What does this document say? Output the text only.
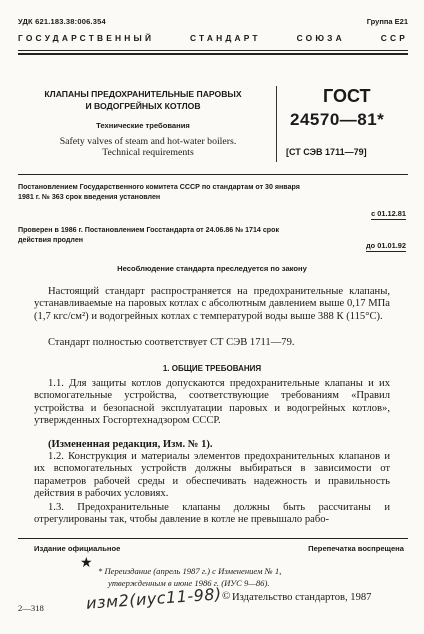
УДК 621.183.38:006.354	Группа Е21
ГОСУДАРСТВЕННЫЙ СТАНДАРТ СОЮЗА ССР
КЛАПАНЫ ПРЕДОХРАНИТЕЛЬНЫЕ ПАРОВЫХ
И ВОДОГРЕЙНЫХ КОТЛОВ
Технические требования
Safety valves of steam and hot-water boilers.
Technical requirements
ГОСТ
24570—81*
[СТ СЭВ 1711—79]
Постановлением Государственного комитета СССР по стандартам от 30 января
1981 г. № 363 срок введения установлен
с 01.12.81
Проверен в 1986 г. Постановлением Госстандарта от 24.06.86 № 1714 срок
действия продлен
до 01.01.92
Несоблюдение стандарта преследуется по закону
Настоящий стандарт распространяется на предохранительные клапаны, устанавливаемые на паровых котлах с абсолютным давлением выше 0,17 МПа (1,7 кгс/см²) и водогрейных котлах с температурой воды выше 388 К (115°С).
Стандарт полностью соответствует СТ СЭВ 1711—79.
1. ОБЩИЕ ТРЕБОВАНИЯ
1.1. Для защиты котлов допускаются предохранительные клапаны и их вспомогательные устройства, соответствующие требованиям «Правил устройства и безопасной эксплуатации паровых и водогрейных котлов», утвержденных Госгортехнадзором СССР.
(Измененная редакция, Изм. № 1).
1.2. Конструкция и материалы элементов предохранительных клапанов и их вспомогательных устройств должны выбираться в зависимости от параметров рабочей среды и обеспечивать надежность и правильность действия в рабочих условиях.
1.3. Предохранительные клапаны должны быть рассчитаны и отрегулированы так, чтобы давление в котле не превышало рабо-
Издание официальное	Перепечатка воспрещена
★ * Переиздание (апрель 1987 г.) с Изменением № 1,
утвержденным в июне 1986 г. (ИУС 9—86).
2—318	изм2(иус11-98) © Издательство стандартов, 1987
